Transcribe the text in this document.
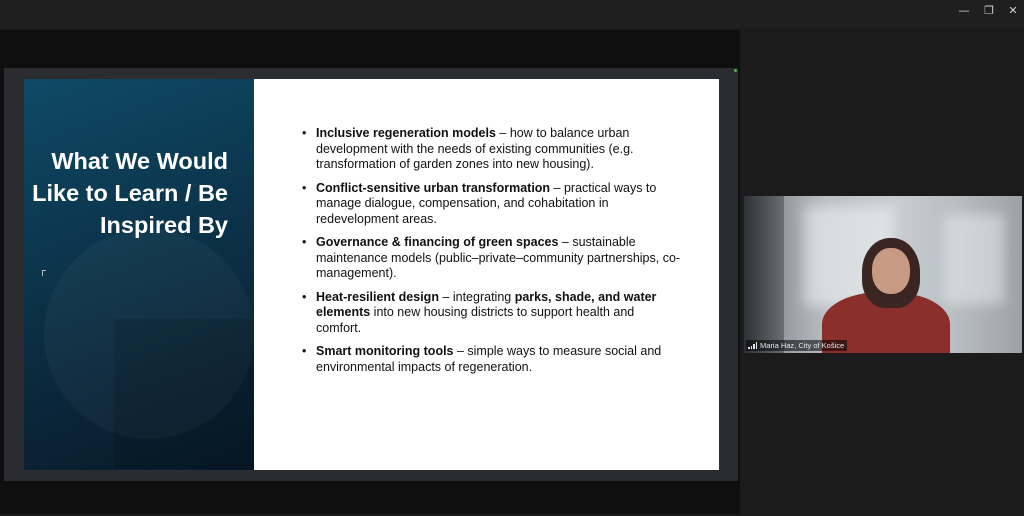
—	❐	✕
What We Would Like to Learn / Be Inspired By
• Inclusive regeneration models – how to balance urban development with the needs of existing communities (e.g. transformation of garden zones into new housing).
• Conflict-sensitive urban transformation – practical ways to manage dialogue, compensation, and cohabitation in redevelopment areas.
• Governance & financing of green spaces – sustainable maintenance models (public–private–community partnerships, co-management).
• Heat-resilient design – integrating parks, shade, and water elements into new housing districts to support health and comfort.
• Smart monitoring tools – simple ways to measure social and environmental impacts of regeneration.
Maria Haz, City of Košice
